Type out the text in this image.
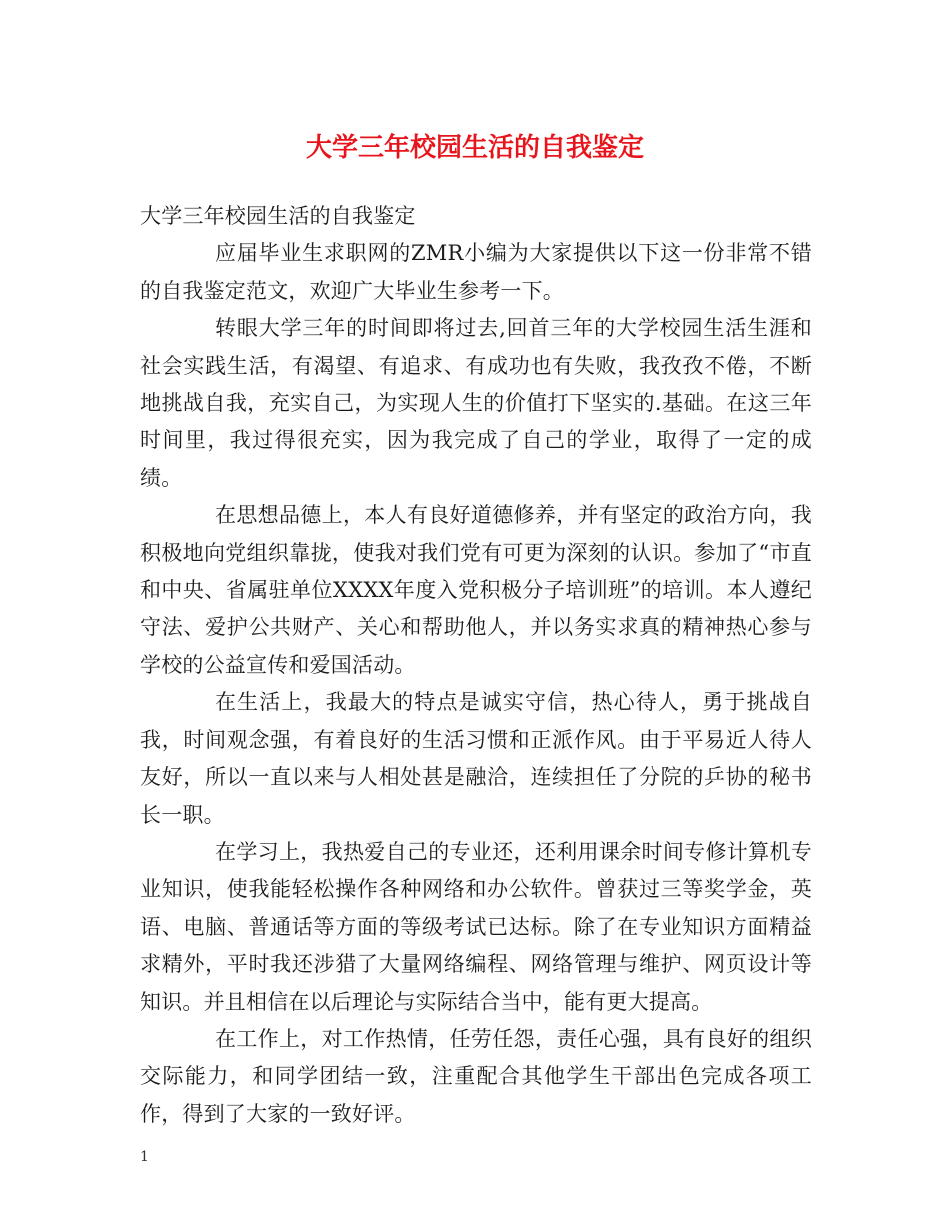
大学三年校园生活的自我鉴定

大学三年校园生活的自我鉴定

应届毕业生求职网的ZMR小编为大家提供以下这一份非常不错的自我鉴定范文，欢迎广大毕业生参考一下。

转眼大学三年的时间即将过去,回首三年的大学校园生活生涯和社会实践生活，有渴望、有追求、有成功也有失败，我孜孜不倦，不断地挑战自我，充实自己，为实现人生的价值打下坚实的.基础。在这三年时间里，我过得很充实，因为我完成了自己的学业，取得了一定的成绩。

在思想品德上，本人有良好道德修养，并有坚定的政治方向，我积极地向党组织靠拢，使我对我们党有可更为深刻的认识。参加了“市直和中央、省属驻单位XXXX年度入党积极分子培训班”的培训。本人遵纪守法、爱护公共财产、关心和帮助他人，并以务实求真的精神热心参与学校的公益宣传和爱国活动。

在生活上，我最大的特点是诚实守信，热心待人，勇于挑战自我，时间观念强，有着良好的生活习惯和正派作风。由于平易近人待人友好，所以一直以来与人相处甚是融洽，连续担任了分院的乒协的秘书长一职。

在学习上，我热爱自己的专业还，还利用课余时间专修计算机专业知识，使我能轻松操作各种网络和办公软件。曾获过三等奖学金，英语、电脑、普通话等方面的等级考试已达标。除了在专业知识方面精益求精外，平时我还涉猎了大量网络编程、网络管理与维护、网页设计等知识。并且相信在以后理论与实际结合当中，能有更大提高。

在工作上，对工作热情，任劳任怨，责任心强，具有良好的组织交际能力，和同学团结一致，注重配合其他学生干部出色完成各项工作，得到了大家的一致好评。

1
